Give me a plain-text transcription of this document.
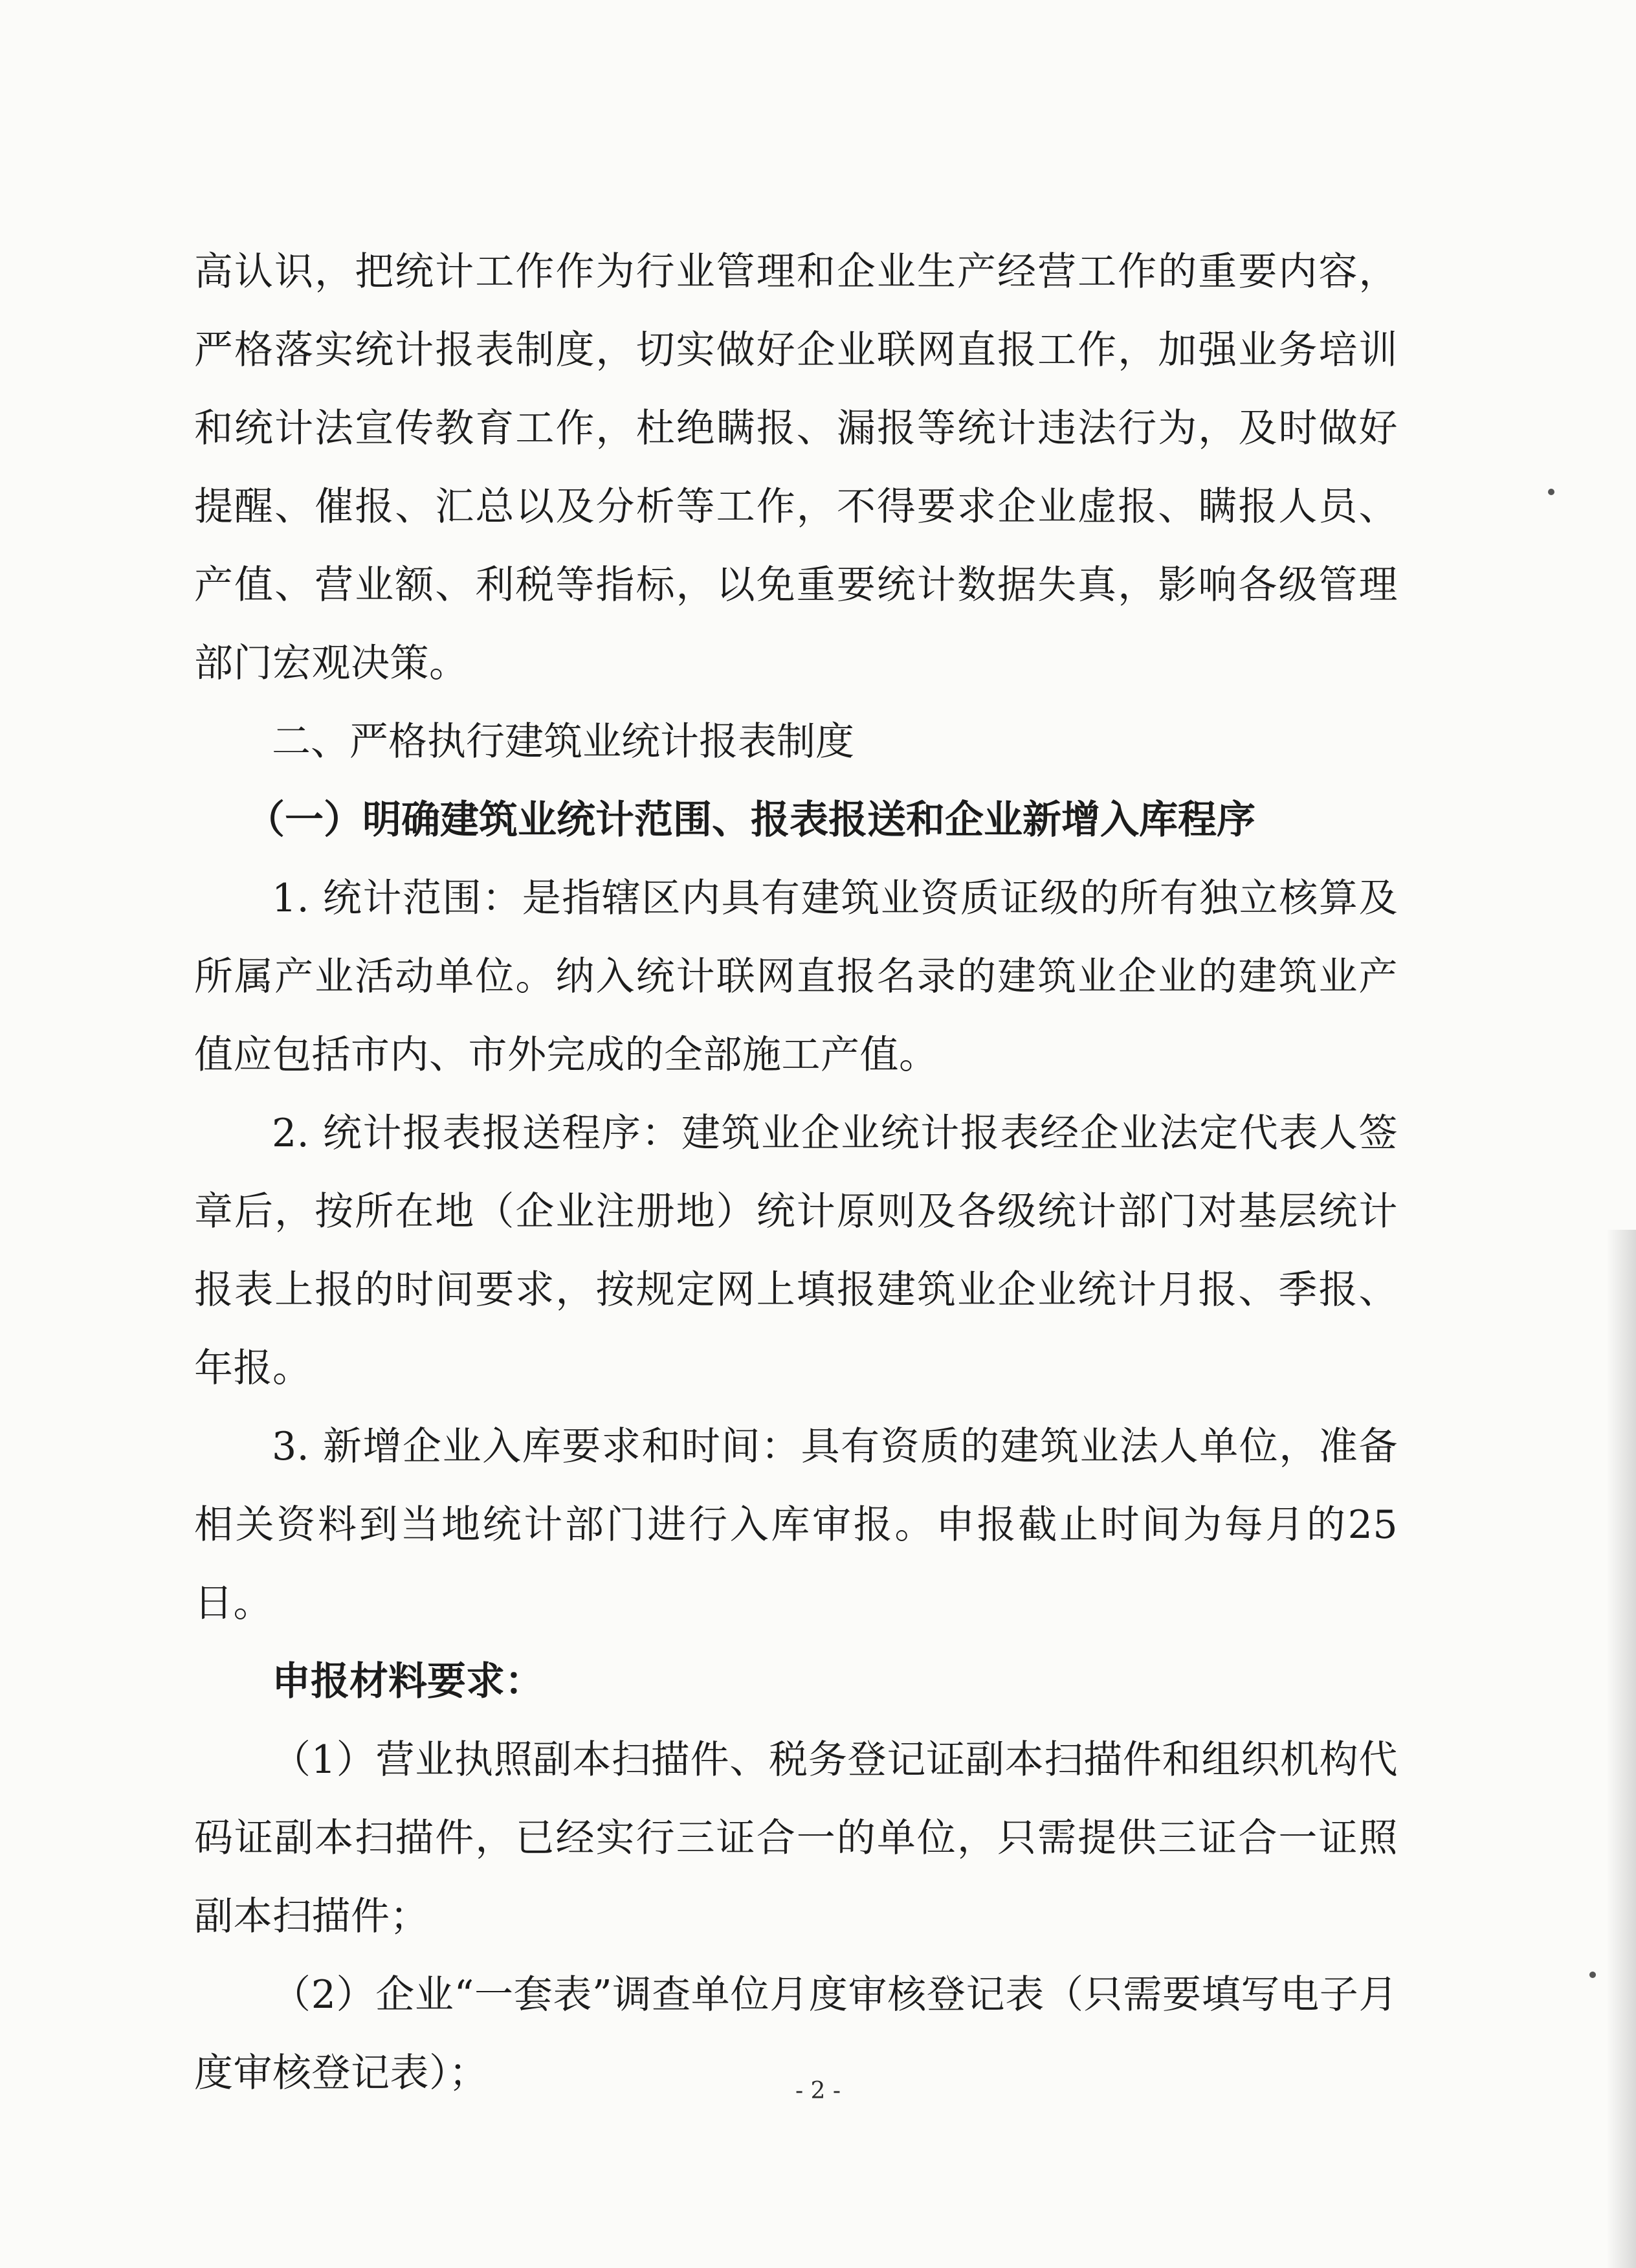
高认识，把统计工作作为行业管理和企业生产经营工作的重要内容，严格落实统计报表制度，切实做好企业联网直报工作，加强业务培训和统计法宣传教育工作，杜绝瞒报、漏报等统计违法行为，及时做好提醒、催报、汇总以及分析等工作，不得要求企业虚报、瞒报人员、产值、营业额、利税等指标，以免重要统计数据失真，影响各级管理部门宏观决策。

二、严格执行建筑业统计报表制度

（一）明确建筑业统计范围、报表报送和企业新增入库程序

1. 统计范围：是指辖区内具有建筑业资质证级的所有独立核算及所属产业活动单位。纳入统计联网直报名录的建筑业企业的建筑业产值应包括市内、市外完成的全部施工产值。

2. 统计报表报送程序：建筑业企业统计报表经企业法定代表人签章后，按所在地（企业注册地）统计原则及各级统计部门对基层统计报表上报的时间要求，按规定网上填报建筑业企业统计月报、季报、年报。

3. 新增企业入库要求和时间：具有资质的建筑业法人单位，准备相关资料到当地统计部门进行入库审报。申报截止时间为每月的25日。

申报材料要求：

（1）营业执照副本扫描件、税务登记证副本扫描件和组织机构代码证副本扫描件，已经实行三证合一的单位，只需提供三证合一证照副本扫描件；

（2）企业“一套表”调查单位月度审核登记表（只需要填写电子月度审核登记表）；	- 2 -
